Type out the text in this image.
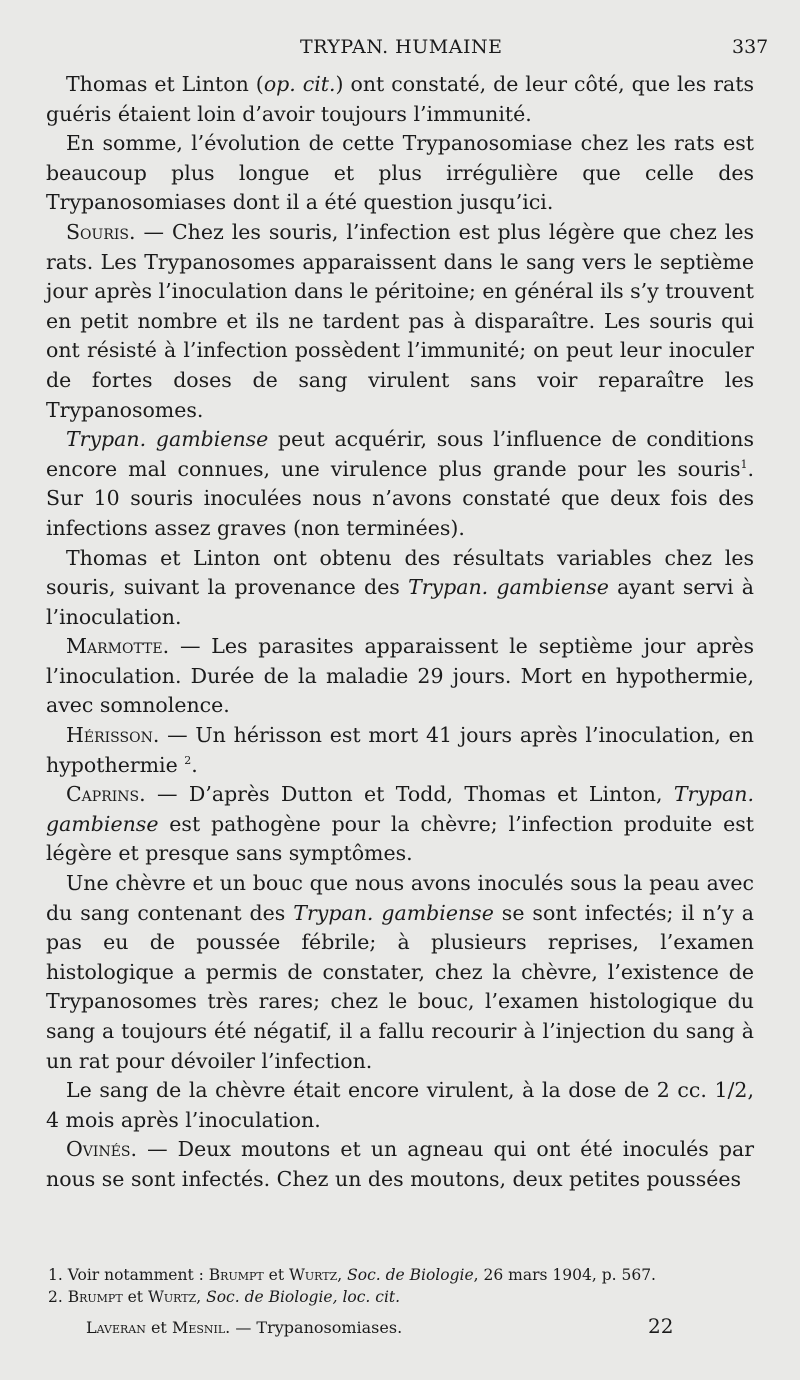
TRYPAN. HUMAINE	337

Thomas et Linton (op. cit.) ont constaté, de leur côté, que les rats guéris étaient loin d’avoir toujours l’immunité.

En somme, l’évolution de cette Trypanosomiase chez les rats est beaucoup plus longue et plus irrégulière que celle des Trypanosomiases dont il a été question jusqu’ici.

Souris. — Chez les souris, l’infection est plus légère que chez les rats. Les Trypanosomes apparaissent dans le sang vers le septième jour après l’inoculation dans le péritoine; en général ils s’y trouvent en petit nombre et ils ne tardent pas à disparaître. Les souris qui ont résisté à l’infection possèdent l’immunité; on peut leur inoculer de fortes doses de sang virulent sans voir reparaître les Trypanosomes.

Trypan. gambiense peut acquérir, sous l’influence de conditions encore mal connues, une virulence plus grande pour les souris$^1$. Sur 10 souris inoculées nous n’avons constaté que deux fois des infections assez graves (non terminées).

Thomas et Linton ont obtenu des résultats variables chez les souris, suivant la provenance des Trypan. gambiense ayant servi à l’inoculation.

Marmotte. — Les parasites apparaissent le septième jour après l’inoculation. Durée de la maladie 29 jours. Mort en hypothermie, avec somnolence.

Hérisson. — Un hérisson est mort 41 jours après l’inoculation, en hypothermie $^2$.

Caprins. — D’après Dutton et Todd, Thomas et Linton, Trypan. gambiense est pathogène pour la chèvre; l’infection produite est légère et presque sans symptômes.

Une chèvre et un bouc que nous avons inoculés sous la peau avec du sang contenant des Trypan. gambiense se sont infectés; il n’y a pas eu de poussée fébrile; à plusieurs reprises, l’examen histologique a permis de constater, chez la chèvre, l’existence de Trypanosomes très rares; chez le bouc, l’examen histologique du sang a toujours été négatif, il a fallu recourir à l’injection du sang à un rat pour dévoiler l’infection.

Le sang de la chèvre était encore virulent, à la dose de 2 cc. 1/2, 4 mois après l’inoculation.

Ovinés. — Deux moutons et un agneau qui ont été inoculés par nous se sont infectés. Chez un des moutons, deux petites poussées

1. Voir notamment : Brumpt et Wurtz, Soc. de Biologie, 26 mars 1904, p. 567.

2. Brumpt et Wurtz, Soc. de Biologie, loc. cit.

Laveran et Mesnil. — Trypanosomiases.	22
